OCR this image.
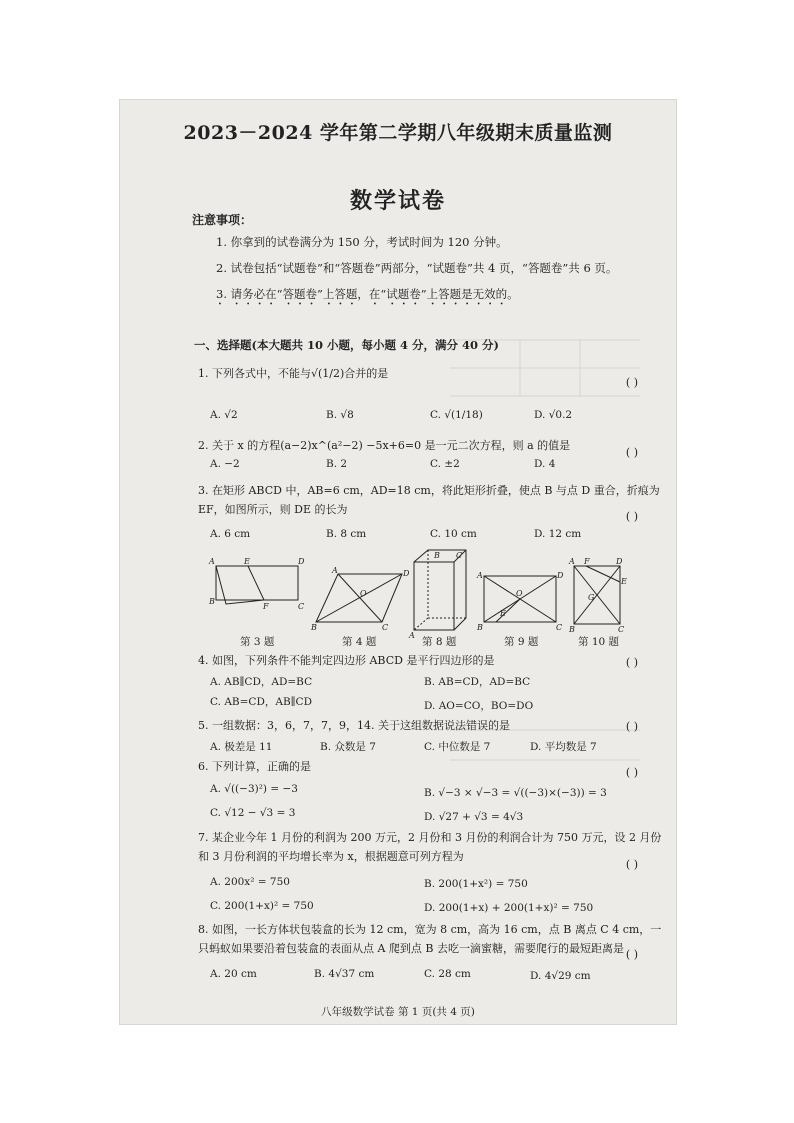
2023－2024 学年第二学期八年级期末质量监测
数学试卷
注意事项：
1. 你拿到的试卷满分为 150 分，考试时间为 120 分钟。
2. 试卷包括“试题卷”和“答题卷”两部分，“试题卷”共 4 页，“答题卷”共 6 页。
3. 请务必在“答题卷”上答题，在“试题卷”上答题是无效的。
一、选择题(本大题共 10 小题，每小题 4 分，满分 40 分)
1. 下列各式中，不能与√(1/2)合并的是
( )
A. √2	B. √8	C. √(1/18)	D. √0.2
2. 关于 x 的方程(a−2)x^(a²−2) −5x+6=0 是一元二次方程，则 a 的值是
( )
A. −2	B. 2	C. ±2	D. 4
3. 在矩形 ABCD 中，AB=6 cm，AD=18 cm，将此矩形折叠，使点 B 与点 D 重合，折痕为 EF，如图所示，则 DE 的长为
( )
A. 6 cm	B. 8 cm	C. 10 cm	D. 12 cm
A	E	D
B
F	C
A	D
B	C
O
B C
A
A	D
B	C
O
E
A F	D
E
G
B	C
第 3 题	第 4 题	第 8 题	第 9 题	第 10 题
4. 如图，下列条件不能判定四边形 ABCD 是平行四边形的是	( )
A. AB∥CD，AD=BC	B. AB=CD，AD=BC
C. AB=CD，AB∥CD	D. AO=CO，BO=DO
5. 一组数据：3，6，7，7，9，14. 关于这组数据说法错误的是	( )
A. 极差是 11	B. 众数是 7	C. 中位数是 7	D. 平均数是 7
6. 下列计算，正确的是	( )
A. √((−3)²) = −3	B. √−3 × √−3 = √((−3)×(−3)) = 3
C. √12 − √3 = 3	D. √27 + √3 = 4√3
7. 某企业今年 1 月份的利润为 200 万元，2 月份和 3 月份的利润合计为 750 万元，设 2 月份和 3 月份利润的平均增长率为 x，根据题意可列方程为
( )
A. 200x² = 750	B. 200(1+x²) = 750
C. 200(1+x)² = 750	D. 200(1+x) + 200(1+x)² = 750
8. 如图，一长方体状包装盒的长为 12 cm，宽为 8 cm，高为 16 cm，点 B 离点 C 4 cm，一只蚂蚁如果要沿着包装盒的表面从点 A 爬到点 B 去吃一滴蜜糖，需要爬行的最短距离是 ( )
A. 20 cm	B. 4√37 cm	C. 28 cm	D. 4√29 cm
八年级数学试卷 第 1 页(共 4 页)
